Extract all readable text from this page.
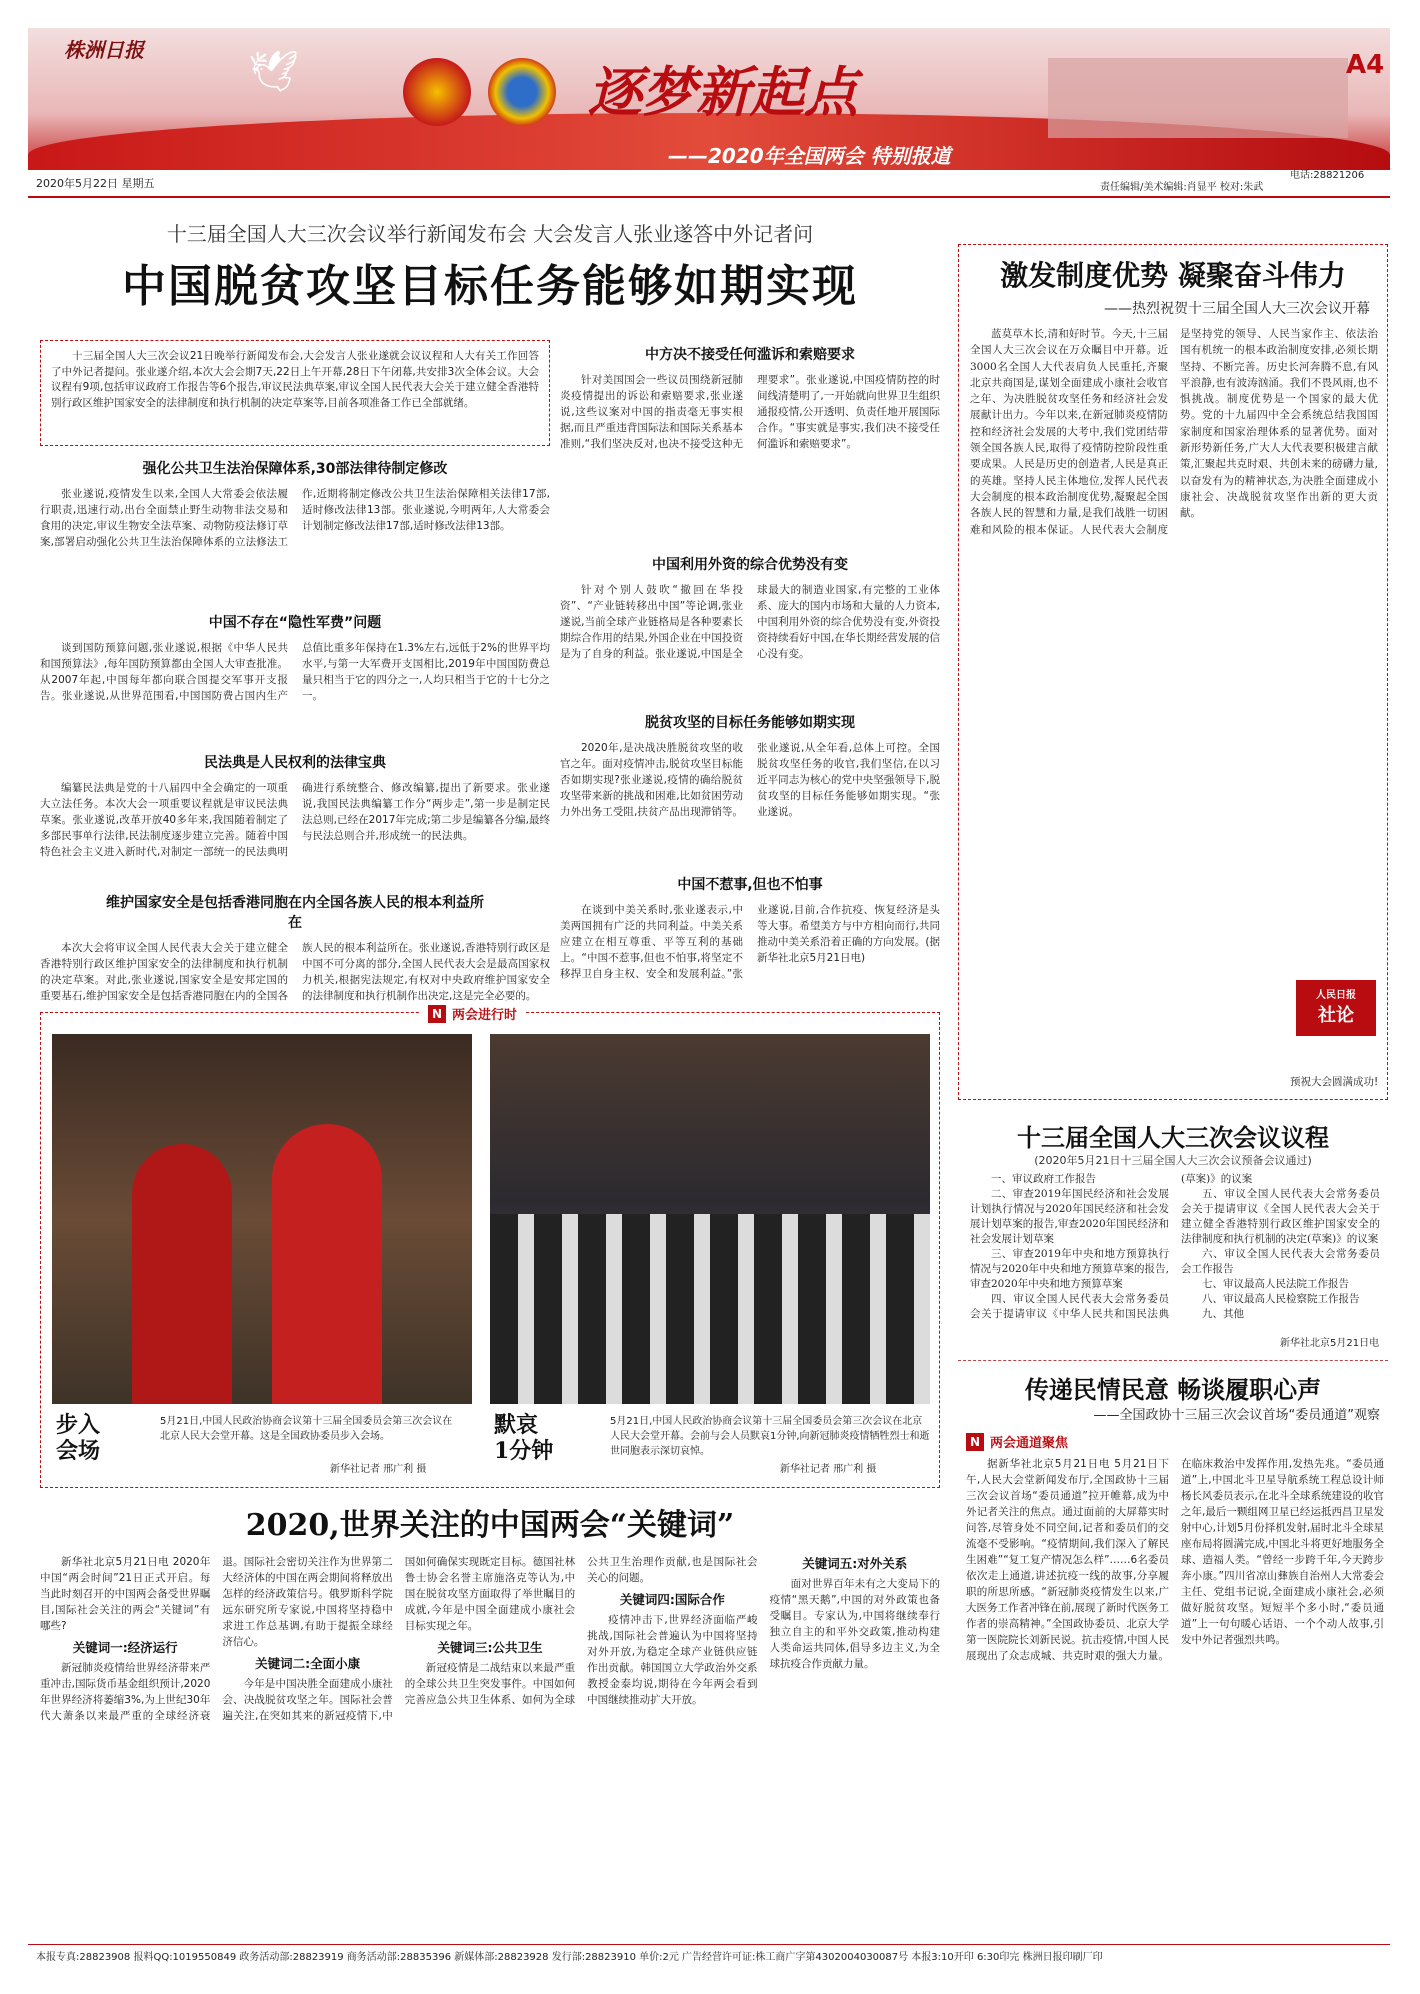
株洲日报	🕊	逐梦新起点
——2020年全国两会 特别报道
A4
2020年5月22日 星期五
电话:28821206
责任编辑/美术编辑:肖显平 校对:朱武
十三届全国人大三次会议举行新闻发布会 大会发言人张业遂答中外记者问
中国脱贫攻坚目标任务能够如期实现

十三届全国人大三次会议21日晚举行新闻发布会,大会发言人张业遂就会议议程和人大有关工作回答了中外记者提问。张业遂介绍,本次大会会期7天,22日上午开幕,28日下午闭幕,共安排3次全体会议。大会议程有9项,包括审议政府工作报告等6个报告,审议民法典草案,审议全国人民代表大会关于建立健全香港特别行政区维护国家安全的法律制度和执行机制的决定草案等,目前各项准备工作已全部就绪。

强化公共卫生法治保障体系,30部法律待制定修改

张业遂说,疫情发生以来,全国人大常委会依法履行职责,迅速行动,出台全面禁止野生动物非法交易和食用的决定,审议生物安全法草案、动物防疫法修订草案,部署启动强化公共卫生法治保障体系的立法修法工作,近期将制定修改公共卫生法治保障相关法律17部,适时修改法律13部。张业遂说,今明两年,人大常委会计划制定修改法律17部,适时修改法律13部。

中国不存在“隐性军费”问题

谈到国防预算问题,张业遂说,根据《中华人民共和国预算法》,每年国防预算都由全国人大审查批准。从2007年起,中国每年都向联合国提交军事开支报告。张业遂说,从世界范围看,中国国防费占国内生产总值比重多年保持在1.3%左右,远低于2%的世界平均水平,与第一大军费开支国相比,2019年中国国防费总量只相当于它的四分之一,人均只相当于它的十七分之一。

民法典是人民权利的法律宝典

编纂民法典是党的十八届四中全会确定的一项重大立法任务。本次大会一项重要议程就是审议民法典草案。张业遂说,改革开放40多年来,我国随着制定了多部民事单行法律,民法制度逐步建立完善。随着中国特色社会主义进入新时代,对制定一部统一的民法典明确进行系统整合、修改编纂,提出了新要求。张业遂说,我国民法典编纂工作分“两步走”,第一步是制定民法总则,已经在2017年完成;第二步是编纂各分编,最终与民法总则合并,形成统一的民法典。

维护国家安全是包括香港同胞在内全国各族人民的根本利益所在

本次大会将审议全国人民代表大会关于建立健全香港特别行政区维护国家安全的法律制度和执行机制的决定草案。对此,张业遂说,国家安全是安邦定国的重要基石,维护国家安全是包括香港同胞在内的全国各族人民的根本利益所在。张业遂说,香港特别行政区是中国不可分离的部分,全国人民代表大会是最高国家权力机关,根据宪法规定,有权对中央政府维护国家安全的法律制度和执行机制作出决定,这是完全必要的。

中方决不接受任何滥诉和索赔要求

针对美国国会一些议员围绕新冠肺炎疫情提出的诉讼和索赔要求,张业遂说,这些议案对中国的指责毫无事实根据,而且严重违背国际法和国际关系基本准则,“我们坚决反对,也决不接受这种无理要求”。张业遂说,中国疫情防控的时间线清楚明了,一开始就向世界卫生组织通报疫情,公开透明、负责任地开展国际合作。“事实就是事实,我们决不接受任何滥诉和索赔要求”。

中国利用外资的综合优势没有变

针对个别人鼓吹“撤回在华投资”、“产业链转移出中国”等论调,张业遂说,当前全球产业链格局是各种要素长期综合作用的结果,外国企业在中国投资是为了自身的利益。张业遂说,中国是全球最大的制造业国家,有完整的工业体系、庞大的国内市场和大量的人力资本,中国利用外资的综合优势没有变,外资投资持续看好中国,在华长期经营发展的信心没有变。

脱贫攻坚的目标任务能够如期实现

2020年,是决战决胜脱贫攻坚的收官之年。面对疫情冲击,脱贫攻坚目标能否如期实现?张业遂说,疫情的确给脱贫攻坚带来新的挑战和困难,比如贫困劳动力外出务工受阻,扶贫产品出现滞销等。张业遂说,从全年看,总体上可控。全国脱贫攻坚任务的收官,我们坚信,在以习近平同志为核心的党中央坚强领导下,脱贫攻坚的目标任务能够如期实现。“张业遂说。

中国不惹事,但也不怕事

在谈到中美关系时,张业遂表示,中美两国拥有广泛的共同利益。中美关系应建立在相互尊重、平等互利的基础上。“中国不惹事,但也不怕事,将坚定不移捍卫自身主权、安全和发展利益。”张业遂说,目前,合作抗疫、恢复经济是头等大事。希望美方与中方相向而行,共同推动中美关系沿着正确的方向发展。(据新华社北京5月21日电)

N 两会进行时
步入
会场
5月21日,中国人民政治协商会议第十三届全国委员会第三次会议在北京人民大会堂开幕。这是全国政协委员步入会场。
新华社记者 邢广利 摄
默哀
1分钟
5月21日,中国人民政治协商会议第十三届全国委员会第三次会议在北京人民大会堂开幕。会前与会人员默哀1分钟,向新冠肺炎疫情牺牲烈士和逝世同胞表示深切哀悼。
新华社记者 邢广利 摄
2020,世界关注的中国两会“关键词”

新华社北京5月21日电 2020年中国“两会时间”21日正式开启。每当此时刻召开的中国两会备受世界瞩目,国际社会关注的两会“关键词”有哪些?

关键词一:经济运行

新冠肺炎疫情给世界经济带来严重冲击,国际货币基金组织预计,2020年世界经济将萎缩3%,为上世纪30年代大萧条以来最严重的全球经济衰退。国际社会密切关注作为世界第二大经济体的中国在两会期间将释放出怎样的经济政策信号。俄罗斯科学院远东研究所专家说,中国将坚持稳中求进工作总基调,有助于提振全球经济信心。

关键词二:全面小康

今年是中国决胜全面建成小康社会、决战脱贫攻坚之年。国际社会普遍关注,在突如其来的新冠疫情下,中国如何确保实现既定目标。德国社林鲁士协会名誉主席施洛克等认为,中国在脱贫攻坚方面取得了举世瞩目的成就,今年是中国全面建成小康社会目标实现之年。

关键词三:公共卫生

新冠疫情是二战结束以来最严重的全球公共卫生突发事件。中国如何完善应急公共卫生体系、如何为全球公共卫生治理作贡献,也是国际社会关心的问题。

关键词四:国际合作

疫情冲击下,世界经济面临严峻挑战,国际社会普遍认为中国将坚持对外开放,为稳定全球产业链供应链作出贡献。韩国国立大学政治外交系教授金泰均说,期待在今年两会看到中国继续推动扩大开放。

关键词五:对外关系

面对世界百年未有之大变局下的疫情“黑天鹅”,中国的对外政策也备受瞩目。专家认为,中国将继续奉行独立自主的和平外交政策,推动构建人类命运共同体,倡导多边主义,为全球抗疫合作贡献力量。

激发制度优势 凝聚奋斗伟力
——热烈祝贺十三届全国人大三次会议开幕

蓝莫草木长,清和好时节。今天,十三届全国人大三次会议在万众瞩目中开幕。近3000名全国人大代表肩负人民重托,齐聚北京共商国是,谋划全面建成小康社会收官之年、为决胜脱贫攻坚任务和经济社会发展献计出力。今年以来,在新冠肺炎疫情防控和经济社会发展的大考中,我们党团结带领全国各族人民,取得了疫情防控阶段性重要成果。人民是历史的创造者,人民是真正的英雄。坚持人民主体地位,发挥人民代表大会制度的根本政治制度优势,凝聚起全国各族人民的智慧和力量,是我们战胜一切困难和风险的根本保证。人民代表大会制度是坚持党的领导、人民当家作主、依法治国有机统一的根本政治制度安排,必须长期坚持、不断完善。历史长河奔腾不息,有风平浪静,也有波涛汹涌。我们不畏风雨,也不惧挑战。制度优势是一个国家的最大优势。党的十九届四中全会系统总结我国国家制度和国家治理体系的显著优势。面对新形势新任务,广大人大代表要积极建言献策,汇聚起共克时艰、共创未来的磅礴力量,以奋发有为的精神状态,为决胜全面建成小康社会、决战脱贫攻坚作出新的更大贡献。

人民日报
社论
预祝大会圆满成功!
十三届全国人大三次会议议程
(2020年5月21日十三届全国人大三次会议预备会议通过)

一、审议政府工作报告

二、审查2019年国民经济和社会发展计划执行情况与2020年国民经济和社会发展计划草案的报告,审查2020年国民经济和社会发展计划草案

三、审查2019年中央和地方预算执行情况与2020年中央和地方预算草案的报告,审查2020年中央和地方预算草案

四、审议全国人民代表大会常务委员会关于提请审议《中华人民共和国民法典(草案)》的议案

五、审议全国人民代表大会常务委员会关于提请审议《全国人民代表大会关于建立健全香港特别行政区维护国家安全的法律制度和执行机制的决定(草案)》的议案

六、审议全国人民代表大会常务委员会工作报告

七、审议最高人民法院工作报告

八、审议最高人民检察院工作报告

九、其他

新华社北京5月21日电
传递民情民意 畅谈履职心声
——全国政协十三届三次会议首场“委员通道”观察
N 两会通道聚焦

据新华社北京5月21日电 5月21日下午,人民大会堂新闻发布厅,全国政协十三届三次会议首场“委员通道”拉开帷幕,成为中外记者关注的焦点。通过面前的大屏幕实时问答,尽管身处不同空间,记者和委员们的交流毫不受影响。“疫情期间,我们深入了解民生困难”“复工复产情况怎么样”……6名委员依次走上通道,讲述抗疫一线的故事,分享履职的所思所感。“新冠肺炎疫情发生以来,广大医务工作者冲锋在前,展现了新时代医务工作者的崇高精神。”全国政协委员、北京大学第一医院院长刘新民说。抗击疫情,中国人民展现出了众志成城、共克时艰的强大力量。在临床救治中发挥作用,发热先兆。“委员通道”上,中国北斗卫星导航系统工程总设计师杨长风委员表示,在北斗全球系统建设的收官之年,最后一颗组网卫星已经运抵西昌卫星发射中心,计划5月份择机发射,届时北斗全球星座布局将圆满完成,中国北斗将更好地服务全球、造福人类。“曾经一步跨千年,今天跨步奔小康。”四川省凉山彝族自治州人大常委会主任、党组书记说,全面建成小康社会,必须做好脱贫攻坚。短短半个多小时,“委员通道”上一句句暖心话语、一个个动人故事,引发中外记者强烈共鸣。

本报专真:28823908 报料QQ:1019550849 政务活动部:28823919 商务活动部:28835396 新媒体部:28823928 发行部:28823910 单价:2元 广告经营许可证:株工商广字第4302004030087号 本报3:10开印 6:30印完 株洲日报印刷厂印
